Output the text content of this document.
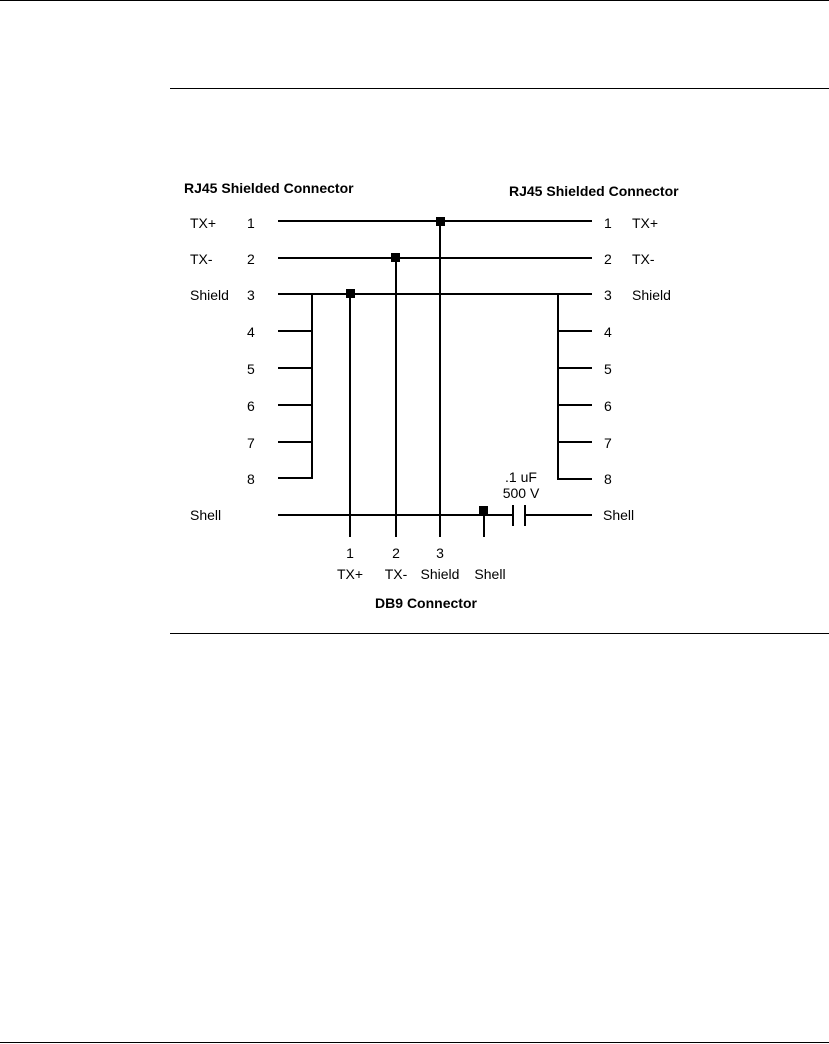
RJ45 Shielded Connector	RJ45 Shielded Connector
DB9 Connector
TX+ 1
TX- 2
Shield 3
4
5
6
7
8
Shell
1 TX+
2 TX-
3 Shield
4
5
6
7
8
Shell
.1 uF
500 V
1	2	3
TX+ TX- Shield Shell
